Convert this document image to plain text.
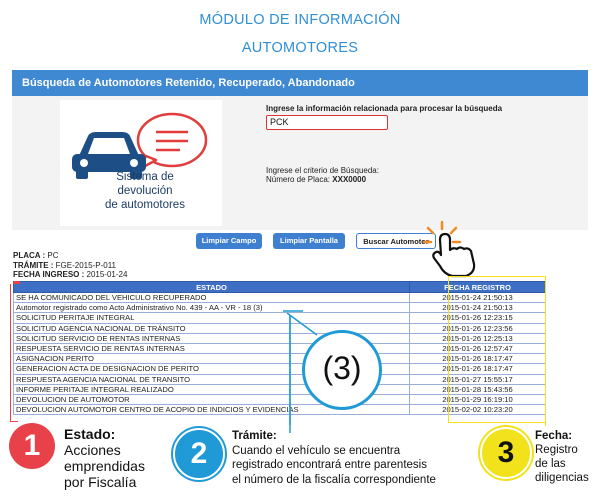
MÓDULO DE INFORMACIÓN
AUTOMOTORES
Búsqueda de Automotores Retenido, Recuperado, Abandonado
Sistema de
devolución
de automotores
Ingrese la información relacionada para procesar la búsqueda
PCK
Ingrese el criterio de Búsqueda:
Número de Placa: XXX0000
Limpiar Campo	Limpiar Pantalla	Buscar Automotor
PLACA : PC
TRÁMITE : FGE-2015-P-011
FECHA INGRESO : 2015-01-24
ESTADO	FECHA REGISTRO
SE HA COMUNICADO DEL VEHICULO RECUPERADO	2015-01-24 21:50:13
Automotor registrado como Acto Administrativo No. 439 - AA - VR - 18 (3)	2015-01-24 21:50:13
SOLICITUD PERITAJE INTEGRAL	2015-01-26 12:23:15
SOLICITUD AGENCIA NACIONAL DE TRÁNSITO	2015-01-26 12:23:56
SOLICITUD SERVICIO DE RENTAS INTERNAS	2015-01-26 12:25:13
RESPUESTA SERVICIO DE RENTAS INTERNAS	2015-01-26 12:57:47
ASIGNACION PERITO	2015-01-26 18:17:47
GENERACION ACTA DE DESIGNACION DE PERITO	2015-01-26 18:17:47
RESPUESTA AGENCIA NACIONAL DE TRANSITO	2015-01-27 15:55:17
INFORME PERITAJE INTEGRAL REALIZADO	2015-01-28 15:43:56
DEVOLUCION DE AUTOMOTOR	2015-01-29 16:19:10
DEVOLUCION AUTOMOTOR CENTRO DE ACOPIO DE INDICIOS Y EVIDENCIAS	2015-02-02 10:23:20
(3)
1	Estado:
Acciones
emprendidas
por Fiscalía
2
Trámite:
Cuando el vehículo se encuentra
registrado encontrará entre parentesis
el número de la fiscalía correspondiente
3	Fecha:
Registro
de las
diligencias
